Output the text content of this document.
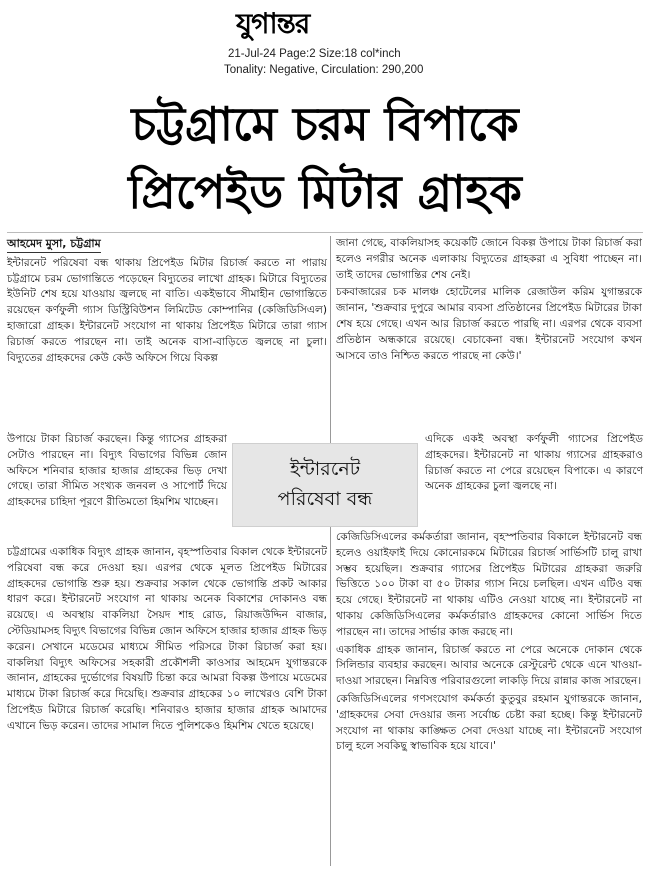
যুগান্তর
21-Jul-24 Page:2 Size:18 col*inch
Tonality: Negative, Circulation: 290,200
চট্টগ্রামে চরম বিপাকে
প্রিপেইড মিটার গ্রাহক
আহমেদ মুসা, চট্টগ্রাম

ইন্টারনেট পরিষেবা বন্ধ থাকায় প্রিপেইড মিটার রিচার্জ করতে না পারায় চট্টগ্রামে চরম ভোগান্তিতে পড়েছেন বিদ্যুতের লাখো গ্রাহক। মিটারে বিদ্যুতের ইউনিট শেষ হয়ে যাওয়ায় জ্বলছে না বাতি। একইভাবে সীমাহীন ভোগান্তিতে রয়েছেন কর্ণফুলী গ্যাস ডিস্ট্রিবিউশন লিমিটেড কোম্পানির (কেজিডিসিএল) হাজারো গ্রাহক। ইন্টারনেট সংযোগ না থাকায় প্রিপেইড মিটারে তারা গ্যাস রিচার্জ করতে পারছেন না। তাই অনেক বাসা-বাড়িতে জ্বলছে না চুলা। বিদ্যুতের গ্রাহকদের কেউ কেউ অফিসে গিয়ে বিকল্প

উপায়ে টাকা রিচার্জ করছেন। কিন্তু গ্যাসের গ্রাহকরা সেটাও পারছেন না। বিদ্যুৎ বিভাগের বিভিন্ন জোন অফিসে শনিবার হাজার হাজার গ্রাহকের ভিড় দেখা গেছে। তারা সীমিত সংখ্যক জনবল ও সাপোর্ট দিয়ে গ্রাহকদের চাহিদা পূরণে রীতিমতো হিমশিম খাচ্ছেন।

ইন্টারনেট
পরিষেবা বন্ধ

চট্টগ্রামের একাধিক বিদ্যুৎ গ্রাহক জানান, বৃহস্পতিবার বিকাল থেকে ইন্টারনেট পরিষেবা বন্ধ করে দেওয়া হয়। এরপর থেকে মূলত প্রিপেইড মিটারের গ্রাহকদের ভোগান্তি শুরু হয়। শুক্রবার সকাল থেকে ভোগান্তি প্রকট আকার ধারণ করে। ইন্টারনেট সংযোগ না থাকায় অনেক বিকাশের দোকানও বন্ধ রয়েছে। এ অবস্থায় বাকলিয়া সৈয়দ শাহ রোড, রিয়াজউদ্দিন বাজার, স্টেডিয়ামসহ বিদ্যুৎ বিভাগের বিভিন্ন জোন অফিসে হাজার হাজার গ্রাহক ভিড় করেন। সেখানে মডেমের মাধ্যমে সীমিত পরিসরে টাকা রিচার্জ করা হয়। বাকলিয়া বিদ্যুৎ অফিসের সহকারী প্রকৌশলী কাওসার আহমেদ যুগান্তরকে জানান, গ্রাহকের দুর্ভোগের বিষয়টি চিন্তা করে আমরা বিকল্প উপায়ে মডেমের মাধ্যমে টাকা রিচার্জ করে দিয়েছি। শুক্রবার গ্রাহকের ১০ লাখেরও বেশি টাকা প্রিপেইড মিটারে রিচার্জ করেছি। শনিবারও হাজার হাজার গ্রাহক আমাদের এখানে ভিড় করেন। তাদের সামাল দিতে পুলিশকেও হিমশিম খেতে হয়েছে।

জানা গেছে, বাকলিয়াসহ কয়েকটি জোনে বিকল্প উপায়ে টাকা রিচার্জ করা হলেও নগরীর অনেক এলাকায় বিদ্যুতের গ্রাহকরা এ সুবিধা পাচ্ছেন না। তাই তাদের ভোগান্তির শেষ নেই।

চকবাজারের চক মালঞ্চ হোটেলের মালিক রেজাউল করিম যুগান্তরকে জানান, 'শুক্রবার দুপুরে আমার ব্যবসা প্রতিষ্ঠানের প্রিপেইড মিটারের টাকা শেষ হয়ে গেছে। এখন আর রিচার্জ করতে পারছি না। এরপর থেকে ব্যবসা প্রতিষ্ঠান অন্ধকারে রয়েছে। বেচাকেনা বন্ধ। ইন্টারনেট সংযোগ কখন আসবে তাও নিশ্চিত করতে পারছে না কেউ।'

এদিকে একই অবস্থা কর্ণফুলী গ্যাসের প্রিপেইড গ্রাহকদের। ইন্টারনেট না থাকায় গ্যাসের গ্রাহকরাও রিচার্জ করতে না পেরে রয়েছেন বিপাকে। এ কারণে অনেক গ্রাহকের চুলা জ্বলছে না।

কেজিডিসিএলের কর্মকর্তারা জানান, বৃহস্পতিবার বিকালে ইন্টারনেট বন্ধ হলেও ওয়াইফাই দিয়ে কোনোরকমে মিটারের রিচার্জ সার্ভিসটি চালু রাখা সম্ভব হয়েছিল। শুক্রবার গ্যাসের প্রিপেইড মিটারের গ্রাহকরা জরুরি ভিত্তিতে ১০০ টাকা বা ৫০ টাকার গ্যাস নিয়ে চলছিল। এখন এটিও বন্ধ হয়ে গেছে। ইন্টারনেট না থাকায় এটিও নেওয়া যাচ্ছে না। ইন্টারনেট না থাকায় কেজিডিসিএলের কর্মকর্তারাও গ্রাহকদের কোনো সার্ভিস দিতে পারছেন না। তাদের সার্ভার কাজ করছে না।

একাধিক গ্রাহক জানান, রিচার্জ করতে না পেরে অনেকে দোকান থেকে সিলিন্ডার ব্যবহার করছেন। আবার অনেকে রেস্টুরেন্ট থেকে এনে খাওয়া-দাওয়া সারছেন। নিম্নবিত্ত পরিবারগুলো লাকড়ি দিয়ে রান্নার কাজ সারছেন।

কেজিডিসিএলের গণসংযোগ কর্মকর্তা কুতুবুর রহমান যুগান্তরকে জানান, 'গ্রাহকদের সেবা দেওয়ার জন্য সর্বোচ্চ চেষ্টা করা হচ্ছে। কিন্তু ইন্টারনেট সংযোগ না থাকায় কাঙ্ক্ষিত সেবা দেওয়া যাচ্ছে না। ইন্টারনেট সংযোগ চালু হলে সবকিছু স্বাভাবিক হয়ে যাবে।'
